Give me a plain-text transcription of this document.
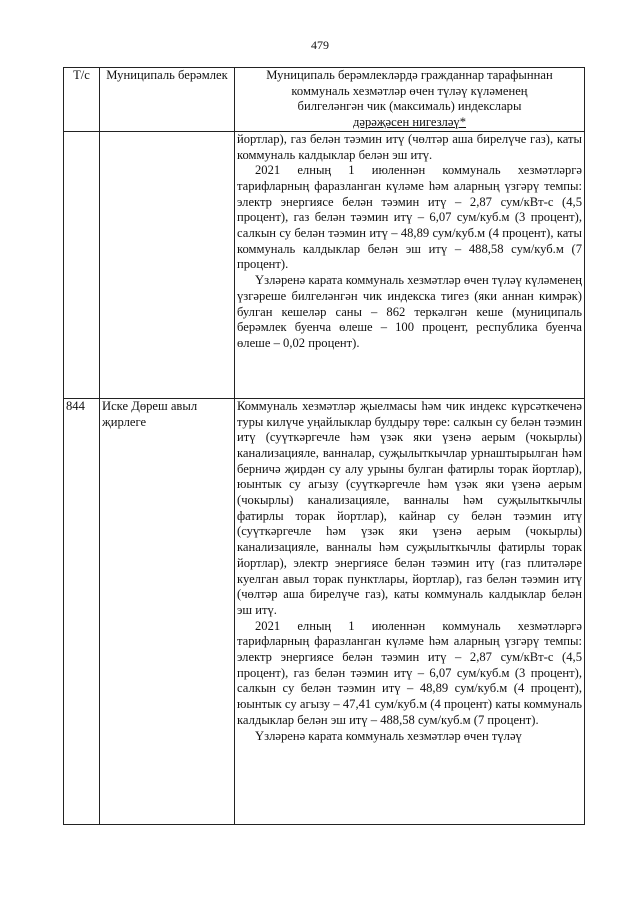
479
Т/с	Муниципаль берәмлек	Муниципаль берәмлекләрдә гражданнар тарафыннан
коммуналь хезмәтләр өчен түләү күләменең
билгеләнгән чик (максималь) индекслары
дәрәҗәсен нигезләү*

		йортлар), газ белән тәэмин итү (чөлтәр аша бирелүче газ), каты коммуналь калдыклар белән эш итү.

2021 елның 1 июленнән коммуналь хезмәтләргә тарифларның фаразланган күләме һәм аларның үзгәрү темпы: электр энергиясе белән тәэмин итү – 2,87 сум/кВт-с (4,5 процент), газ белән тәэмин итү – 6,07 сум/куб.м (3 процент), салкын су белән тәэмин итү – 48,89 сум/куб.м (4 процент), каты коммуналь калдыклар белән эш итү – 488,58 сум/куб.м (7 процент).

Үзләренә карата коммуналь хезмәтләр өчен түләү күләменең үзгәреше билгеләнгән чик индекска тигез (яки аннан кимрәк) булган кешеләр саны – 862 теркәлгән кеше (муниципаль берәмлек буенча өлеше – 100 процент, республика буенча өлеше – 0,02 процент).

844	Иске Дөреш авыл җирлеге	Коммуналь хезмәтләр җыелмасы һәм чик индекс күрсәткеченә туры килүче уңайлыклар булдыру төре: салкын су белән тәэмин итү (суүткәргечле һәм үзәк яки үзенә аерым (чокырлы) канализацияле, ванналар, суҗылыткычлар урнаштырылган һәм берничә җирдән су алу урыны булган фатирлы торак йортлар), юынтык су агызу (суүткәргечле һәм үзәк яки үзенә аерым (чокырлы) канализацияле, ванналы һәм суҗылыткычлы фатирлы торак йортлар), кайнар су белән тәэмин итү (суүткәргечле һәм үзәк яки үзенә аерым (чокырлы) канализацияле, ванналы һәм суҗылыткычлы фатирлы торак йортлар), электр энергиясе белән тәэмин итү (газ плитәләре куелган авыл торак пунктлары, йортлар), газ белән тәэмин итү (чөлтәр аша бирелүче газ), каты коммуналь калдыклар белән эш итү.

2021 елның 1 июленнән коммуналь хезмәтләргә тарифларның фаразланган күләме һәм аларның үзгәрү темпы: электр энергиясе белән тәэмин итү – 2,87 сум/кВт-с (4,5 процент), газ белән тәэмин итү – 6,07 сум/куб.м (3 процент), салкын су белән тәэмин итү – 48,89 сум/куб.м (4 процент), юынтык су агызу – 47,41 сум/куб.м (4 процент) каты коммуналь калдыклар белән эш итү – 488,58 сум/куб.м (7 процент).

Үзләренә карата коммуналь хезмәтләр өчен түләү
